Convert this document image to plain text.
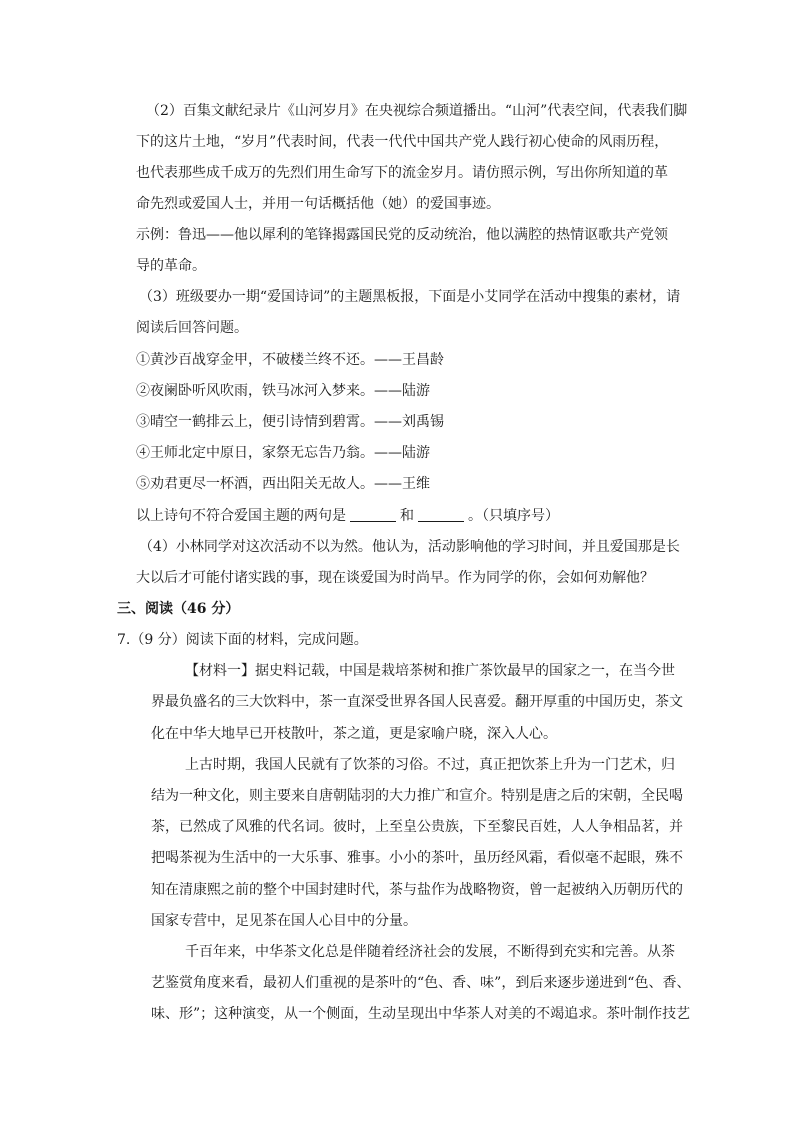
（2）百集文献纪录片《山河岁月》在央视综合频道播出。“山河”代表空间，代表我们脚
下的这片土地，“岁月”代表时间，代表一代代中国共产党人践行初心使命的风雨历程，
也代表那些成千成万的先烈们用生命写下的流金岁月。请仿照示例，写出你所知道的革
命先烈或爱国人士，并用一句话概括他（她）的爱国事迹。
示例：鲁迅——他以犀利的笔锋揭露国民党的反动统治，他以满腔的热情讴歌共产党领
导的革命。
（3）班级要办一期“爱国诗词”的主题黑板报，下面是小艾同学在活动中搜集的素材，请
阅读后回答问题。
①黄沙百战穿金甲，不破楼兰终不还。——王昌龄
②夜阑卧听风吹雨，铁马冰河入梦来。——陆游
③晴空一鹤排云上，便引诗情到碧霄。——刘禹锡
④王师北定中原日，家祭无忘告乃翁。——陆游
⑤劝君更尽一杯酒，西出阳关无故人。——王维
以上诗句不符合爱国主题的两句是	和	。（只填序号）
（4）小林同学对这次活动不以为然。他认为，活动影响他的学习时间，并且爱国那是长
大以后才可能付诸实践的事，现在谈爱国为时尚早。作为同学的你，会如何劝解他？
三、阅读（46 分）
7.（9 分）阅读下面的材料，完成问题。
【材料一】据史料记载，中国是栽培茶树和推广茶饮最早的国家之一，在当今世
界最负盛名的三大饮料中，茶一直深受世界各国人民喜爱。翻开厚重的中国历史，茶文
化在中华大地早已开枝散叶，茶之道，更是家喻户晓，深入人心。
上古时期，我国人民就有了饮茶的习俗。不过，真正把饮茶上升为一门艺术，归
结为一种文化，则主要来自唐朝陆羽的大力推广和宣介。特别是唐之后的宋朝，全民喝
茶，已然成了风雅的代名词。彼时，上至皇公贵族，下至黎民百姓，人人争相品茗，并
把喝茶视为生活中的一大乐事、雅事。小小的茶叶，虽历经风霜，看似毫不起眼，殊不
知在清康熙之前的整个中国封建时代，茶与盐作为战略物资，曾一起被纳入历朝历代的
国家专营中，足见茶在国人心目中的分量。
千百年来，中华茶文化总是伴随着经济社会的发展，不断得到充实和完善。从茶
艺鉴赏角度来看，最初人们重视的是茶叶的“色、香、味”，到后来逐步递进到“色、香、
味、形”；这种演变，从一个侧面，生动呈现出中华茶人对美的不竭追求。茶叶制作技艺
